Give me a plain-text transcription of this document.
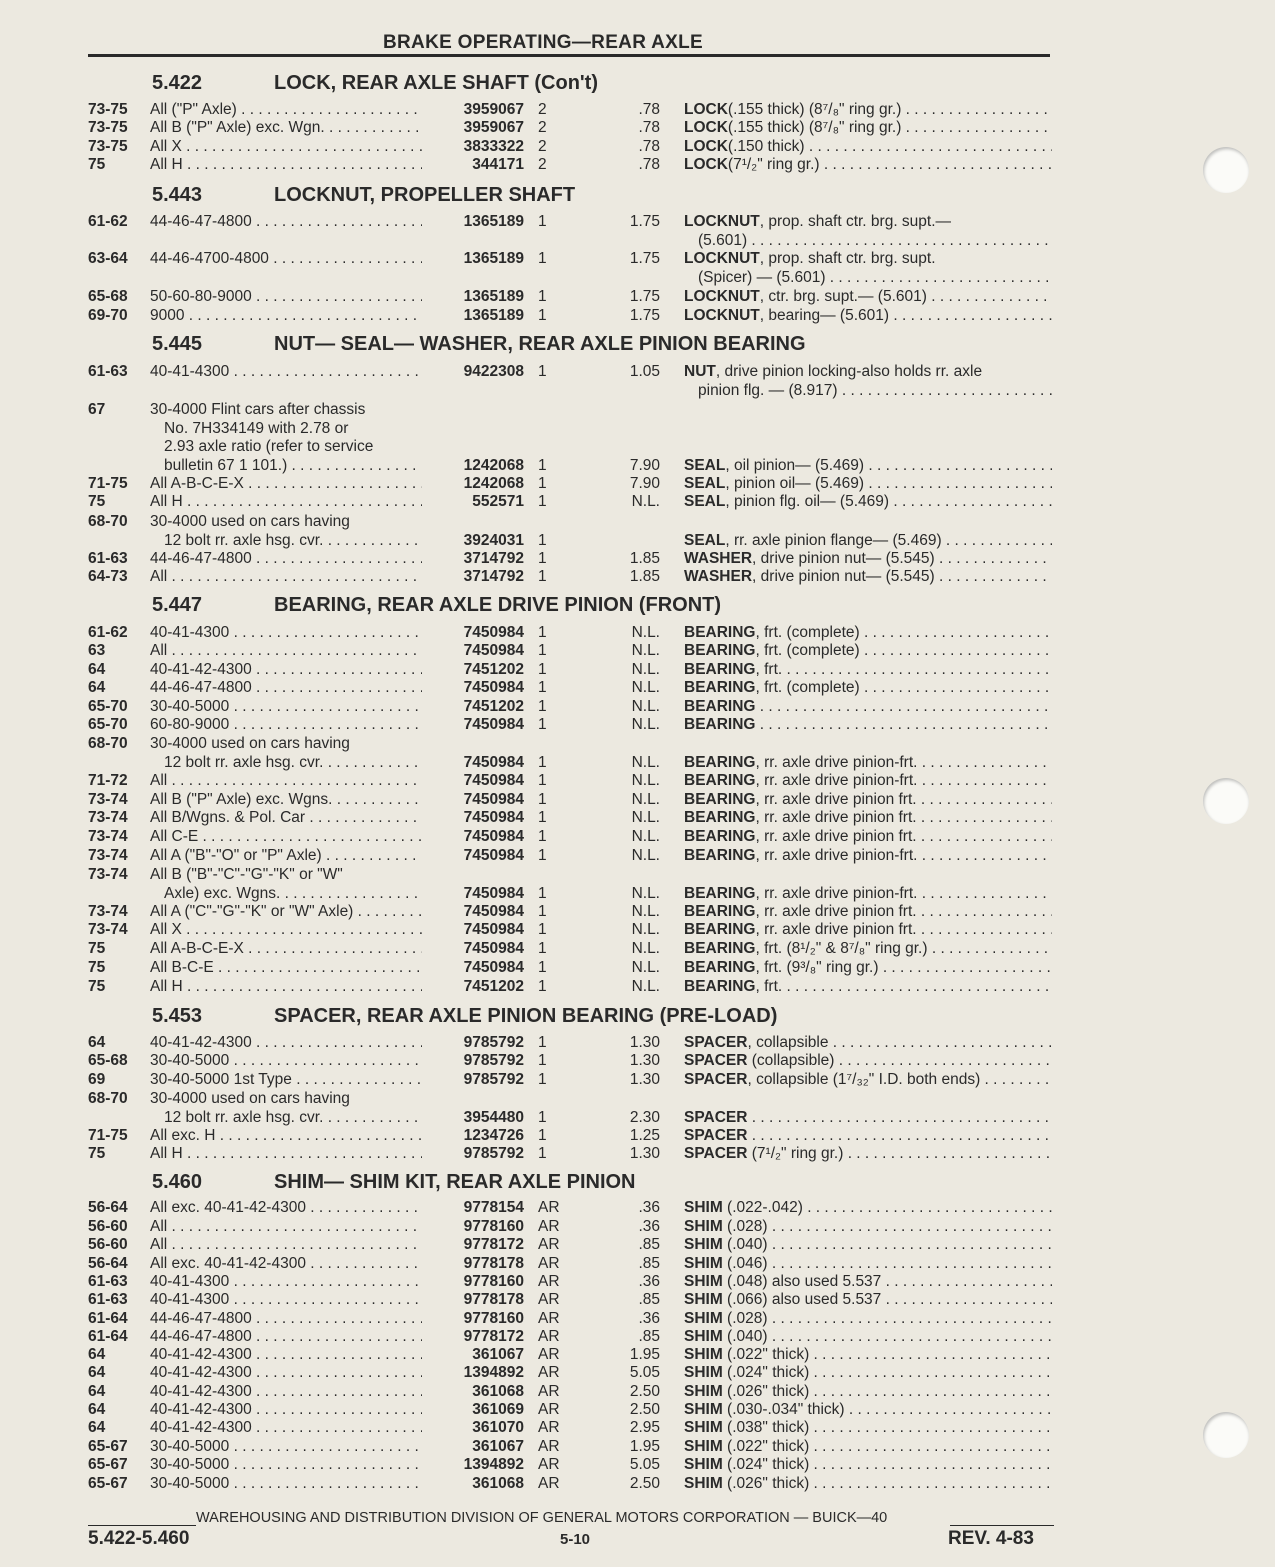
BRAKE OPERATING—REAR AXLE
5.422	LOCK, REAR AXLE SHAFT (Con't)
73-75	All ("P" Axle) . . .	3959067 2	.78 LOCK(.155 thick) (8⁷/₈" ring gr.) . . .
73-75	All B ("P" Axle) exc. Wgn. . . .	3959067 2	.78 LOCK(.155 thick) (8⁷/₈" ring gr.) . . .
73-75	All X . . .	3833322 2	.78 LOCK(.150 thick) . . .
75	All H . . .	344171 2	.78 LOCK(7¹/₂" ring gr.) . . .
5.443	LOCKNUT, PROPELLER SHAFT
61-62	44-46-47-4800 . . .	1365189 1	1.75 LOCKNUT, prop. shaft ctr. brg. supt.—
(5.601) . . .
63-64	44-46-4700-4800 . . .	1365189 1	1.75 LOCKNUT, prop. shaft ctr. brg. supt.
(Spicer) — (5.601) . . .
65-68	50-60-80-9000 . . .	1365189 1	1.75 LOCKNUT, ctr. brg. supt.— (5.601) . . .
69-70	9000 . . .	1365189 1	1.75 LOCKNUT, bearing— (5.601) . . .
5.445	NUT— SEAL— WASHER, REAR AXLE PINION BEARING
61-63	40-41-4300 . . .	9422308 1	1.05 NUT, drive pinion locking-also holds rr. axle
pinion flg. — (8.917) . . .
67	30-4000 Flint cars after chassis
No. 7H334149 with 2.78 or
2.93 axle ratio (refer to service
bulletin 67 1 101.) . . .	1242068 1	7.90 SEAL, oil pinion— (5.469) . . .
71-75	All A-B-C-E-X . . .	1242068 1	7.90 SEAL, pinion oil— (5.469) . . .
75	All H . . .	552571 1	N.L. SEAL, pinion flg. oil— (5.469) . . .
68-70	30-4000 used on cars having
12 bolt rr. axle hsg. cvr. . . .	3924031 1	SEAL, rr. axle pinion flange— (5.469) . . .
61-63	44-46-47-4800 . . .	3714792 1	1.85 WASHER, drive pinion nut— (5.545) . . .
64-73	All . . .	3714792 1	1.85 WASHER, drive pinion nut— (5.545) . . .
5.447	BEARING, REAR AXLE DRIVE PINION (FRONT)
61-62	40-41-4300 . . .	7450984 1	N.L. BEARING, frt. (complete) . . .
63	All . . .	7450984 1	N.L. BEARING, frt. (complete) . . .
64	40-41-42-4300 . . .	7451202 1	N.L. BEARING, frt. . . .
64	44-46-47-4800 . . .	7450984 1	N.L. BEARING, frt. (complete) . . .
65-70	30-40-5000 . . .	7451202 1	N.L. BEARING . . .
65-70	60-80-9000 . . .	7450984 1	N.L. BEARING . . .
68-70	30-4000 used on cars having
12 bolt rr. axle hsg. cvr. . . .	7450984 1	N.L. BEARING, rr. axle drive pinion-frt. . . .
71-72	All . . .	7450984 1	N.L. BEARING, rr. axle drive pinion-frt. . . .
73-74	All B ("P" Axle) exc. Wgns. . . .	7450984 1	N.L. BEARING, rr. axle drive pinion frt. . . .
73-74	All B/Wgns. & Pol. Car . . .	7450984 1	N.L. BEARING, rr. axle drive pinion frt. . . .
73-74	All C-E . . .	7450984 1	N.L. BEARING, rr. axle drive pinion frt. . . .
73-74	All A ("B"-"O" or "P" Axle) . . .	7450984 1	N.L. BEARING, rr. axle drive pinion-frt. . . .
73-74	All B ("B"-"C"-"G"-"K" or "W"
Axle) exc. Wgns. . . .	7450984 1	N.L. BEARING, rr. axle drive pinion-frt. . . .
73-74	All A ("C"-"G"-"K" or "W" Axle) . . .	7450984 1	N.L. BEARING, rr. axle drive pinion frt. . . .
73-74	All X . . .	7450984 1	N.L. BEARING, rr. axle drive pinion frt. . . .
75	All A-B-C-E-X . . .	7450984 1	N.L. BEARING, frt. (8¹/₂" & 8⁷/₈" ring gr.) . . .
75	All B-C-E . . .	7450984 1	N.L. BEARING, frt. (9³/₈" ring gr.) . . .
75	All H . . .	7451202 1	N.L. BEARING, frt. . . .
5.453	SPACER, REAR AXLE PINION BEARING (PRE-LOAD)
64	40-41-42-4300 . . .	9785792 1	1.30 SPACER, collapsible . . .
65-68	30-40-5000 . . .	9785792 1	1.30 SPACER (collapsible) . . .
69	30-40-5000 1st Type . . .	9785792 1	1.30 SPACER, collapsible (1⁷/₃₂" I.D. both ends) . . .
68-70	30-4000 used on cars having
12 bolt rr. axle hsg. cvr. . . .	3954480 1	2.30 SPACER . . .
71-75	All exc. H . . .	1234726 1	1.25 SPACER . . .
75	All H . . .	9785792 1	1.30 SPACER (7¹/₂" ring gr.) . . .
5.460	SHIM— SHIM KIT, REAR AXLE PINION
56-64	All exc. 40-41-42-4300 . . .	9778154 AR	.36 SHIM (.022-.042) . . .
56-60	All . . .	9778160 AR	.36 SHIM (.028) . . .
56-60	All . . .	9778172 AR	.85 SHIM (.040) . . .
56-64	All exc. 40-41-42-4300 . . .	9778178 AR	.85 SHIM (.046) . . .
61-63	40-41-4300 . . .	9778160 AR	.36 SHIM (.048) also used 5.537 . . .
61-63	40-41-4300 . . .	9778178 AR	.85 SHIM (.066) also used 5.537 . . .
61-64	44-46-47-4800 . . .	9778160 AR	.36 SHIM (.028) . . .
61-64	44-46-47-4800 . . .	9778172 AR	.85 SHIM (.040) . . .
64	40-41-42-4300 . . .	361067 AR	1.95 SHIM (.022" thick) . . .
64	40-41-42-4300 . . .	1394892 AR	5.05 SHIM (.024" thick) . . .
64	40-41-42-4300 . . .	361068 AR	2.50 SHIM (.026" thick) . . .
64	40-41-42-4300 . . .	361069 AR	2.50 SHIM (.030-.034" thick) . . .
64	40-41-42-4300 . . .	361070 AR	2.95 SHIM (.038" thick) . . .
65-67	30-40-5000 . . .	361067 AR	1.95 SHIM (.022" thick) . . .
65-67	30-40-5000 . . .	1394892 AR	5.05 SHIM (.024" thick) . . .
65-67	30-40-5000 . . .	361068 AR	2.50 SHIM (.026" thick) . . .
WAREHOUSING AND DISTRIBUTION DIVISION OF GENERAL MOTORS CORPORATION — BUICK—40
5.422-5.460	5-10	REV. 4-83
